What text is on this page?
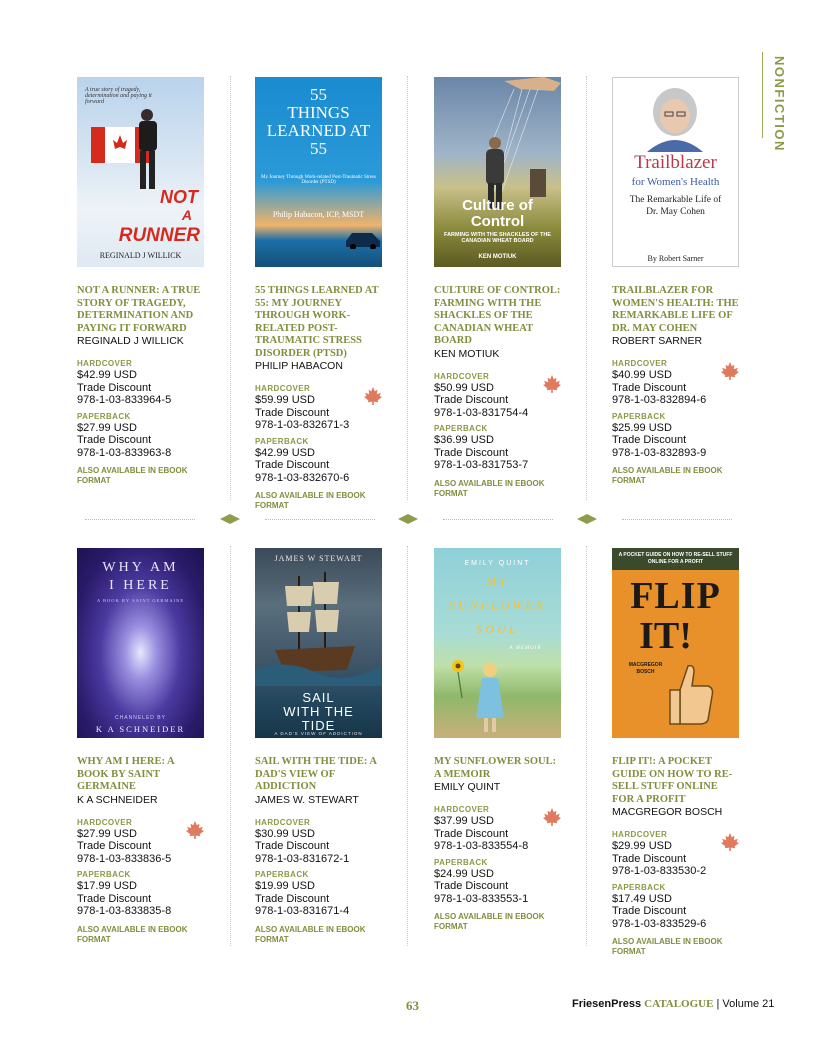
NONFICTION
A true story of tragedy, determination and paying it forward
NOT
A
RUNNER
REGINALD J WILLICK
NOT A RUNNER: A TRUE STORY OF TRAGEDY, DETERMINATION AND PAYING IT FORWARD
REGINALD J WILLICK
HARDCOVER
$42.99 USD
Trade Discount
978-1-03-833964-5
PAPERBACK
$27.99 USD
Trade Discount
978-1-03-833963-8
ALSO AVAILABLE IN EBOOK FORMAT
55
THINGS
LEARNED AT
55
My Journey Through Work-related Post-Traumatic Stress Disorder (PTSD)
Philip Habacon, ICP, MSDT
55 THINGS LEARNED AT 55: MY JOURNEY THROUGH WORK-RELATED POST-TRAUMATIC STRESS DISORDER (PTSD)
PHILIP HABACON
HARDCOVER
$59.99 USD
Trade Discount
978-1-03-832671-3
PAPERBACK
$42.99 USD
Trade Discount
978-1-03-832670-6
ALSO AVAILABLE IN EBOOK FORMAT
Culture of
Control
FARMING WITH THE SHACKLES OF THE CANADIAN WHEAT BOARD
KEN MOTIUK
CULTURE OF CONTROL: FARMING WITH THE SHACKLES OF THE CANADIAN WHEAT BOARD
KEN MOTIUK
HARDCOVER
$50.99 USD
Trade Discount
978-1-03-831754-4
PAPERBACK
$36.99 USD
Trade Discount
978-1-03-831753-7
ALSO AVAILABLE IN EBOOK FORMAT
Trailblazer
for Women's Health
The Remarkable Life of Dr. May Cohen
By Robert Sarner
TRAILBLAZER FOR WOMEN'S HEALTH: THE REMARKABLE LIFE OF DR. MAY COHEN
ROBERT SARNER
HARDCOVER
$40.99 USD
Trade Discount
978-1-03-832894-6
PAPERBACK
$25.99 USD
Trade Discount
978-1-03-832893-9
ALSO AVAILABLE IN EBOOK FORMAT
WHY AM
I HERE
A BOOK BY SAINT GERMAINE
CHANNELED BY
K A SCHNEIDER
WHY AM I HERE: A BOOK BY SAINT GERMAINE
K A SCHNEIDER
HARDCOVER
$27.99 USD
Trade Discount
978-1-03-833836-5
PAPERBACK
$17.99 USD
Trade Discount
978-1-03-833835-8
ALSO AVAILABLE IN EBOOK FORMAT
JAMES W STEWART
SAIL
WITH THE
TIDE
A DAD'S VIEW OF ADDICTION
SAIL WITH THE TIDE: A DAD'S VIEW OF ADDICTION
JAMES W. STEWART
HARDCOVER
$30.99 USD
Trade Discount
978-1-03-831672-1
PAPERBACK
$19.99 USD
Trade Discount
978-1-03-831671-4
ALSO AVAILABLE IN EBOOK FORMAT
EMILY QUINT
MY
SUNFLOWER
SOUL
A MEMOIR
MY SUNFLOWER SOUL: A MEMOIR
EMILY QUINT
HARDCOVER
$37.99 USD
Trade Discount
978-1-03-833554-8
PAPERBACK
$24.99 USD
Trade Discount
978-1-03-833553-1
ALSO AVAILABLE IN EBOOK FORMAT
A POCKET GUIDE ON HOW TO RE-SELL STUFF ONLINE FOR A PROFIT
FLIP
IT!
MACGREGOR BOSCH
FLIP IT!: A POCKET GUIDE ON HOW TO RE-SELL STUFF ONLINE FOR A PROFIT
MACGREGOR BOSCH
HARDCOVER
$29.99 USD
Trade Discount
978-1-03-833530-2
PAPERBACK
$17.49 USD
Trade Discount
978-1-03-833529-6
ALSO AVAILABLE IN EBOOK FORMAT
63	FriesenPress CATALOGUE | Volume 21
